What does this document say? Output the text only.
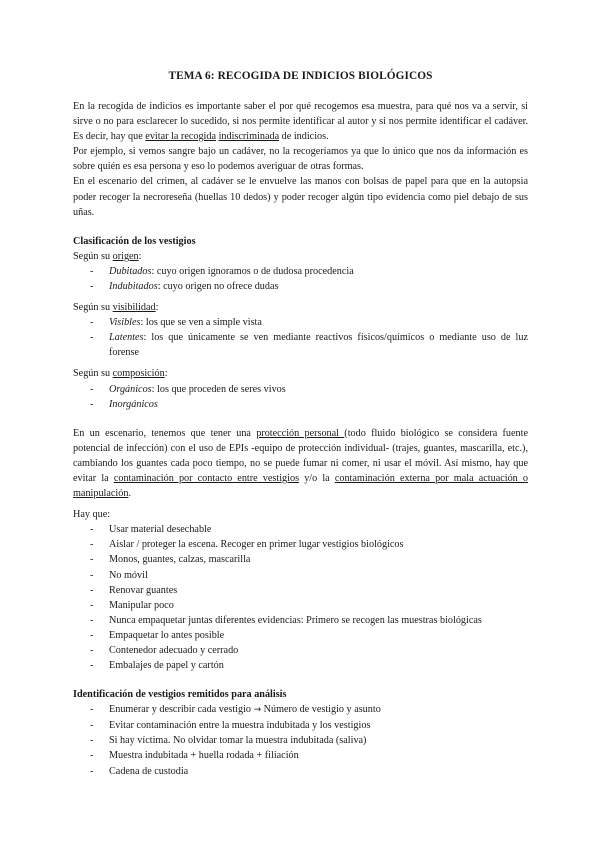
TEMA 6: RECOGIDA DE INDICIOS BIOLÓGICOS

En la recogida de indicios es importante saber el por qué recogemos esa muestra, para qué nos va a servir, si sirve o no para esclarecer lo sucedido, si nos permite identificar al autor y si nos permite identificar el cadáver. Es decir, hay que evitar la recogida indiscriminada de indicios.

Por ejemplo, si vemos sangre bajo un cadáver, no la recogeríamos ya que lo único que nos da información es sobre quién es esa persona y eso lo podemos averiguar de otras formas.

En el escenario del crimen, al cadáver se le envuelve las manos con bolsas de papel para que en la autopsia poder recoger la necroreseña (huellas 10 dedos) y poder recoger algún tipo evidencia como piel debajo de sus uñas.

Clasificación de los vestigios

Según su origen:

- Dubitados: cuyo origen ignoramos o de dudosa procedencia
- Indubitados: cuyo origen no ofrece dudas

Según su visibilidad:

- Visibles: los que se ven a simple vista
- Latentes: los que únicamente se ven mediante reactivos físicos/químicos o mediante uso de luz forense

Según su composición:

- Orgánicos: los que proceden de seres vivos
- Inorgánicos

En un escenario, tenemos que tener una protección personal (todo fluido biológico se considera fuente potencial de infección) con el uso de EPIs -equipo de protección individual- (trajes, guantes, mascarilla, etc.), cambiando los guantes cada poco tiempo, no se puede fumar ni comer, ni usar el móvil. Así mismo, hay que evitar la contaminación por contacto entre vestigios y/o la contaminación externa por mala actuación o manipulación.

Hay que:

- Usar material desechable
- Aislar / proteger la escena. Recoger en primer lugar vestigios biológicos
- Monos, guantes, calzas, mascarilla
- No móvil
- Renovar guantes
- Manipular poco
- Nunca empaquetar juntas diferentes evidencias: Primero se recogen las muestras biológicas
- Empaquetar lo antes posible
- Contenedor adecuado y cerrado
- Embalajes de papel y cartón
Identificación de vestigios remitidos para análisis
- Enumerar y describir cada vestigio → Número de vestigio y asunto
- Evitar contaminación entre la muestra indubitada y los vestigios
- Si hay víctima. No olvidar tomar la muestra indubitada (saliva)
- Muestra indubitada + huella rodada + filiación
- Cadena de custodia
